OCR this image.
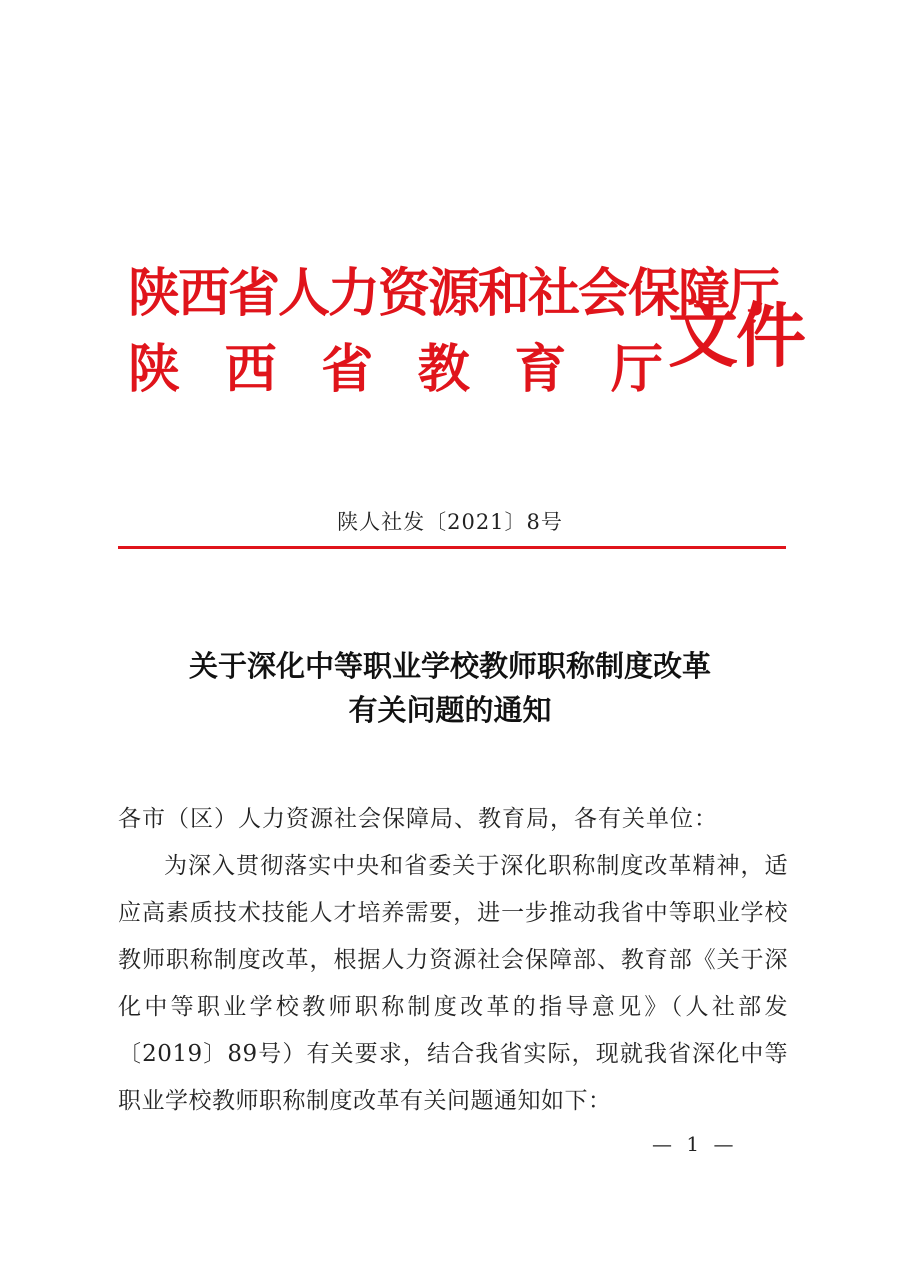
陕西省人力资源和社会保障厅
陕 西 省 教 育 厅 文件
陕人社发〔2021〕8号
关于深化中等职业学校教师职称制度改革
有关问题的通知
各市（区）人力资源社会保障局、教育局，各有关单位：
为深入贯彻落实中央和省委关于深化职称制度改革精神，适应高素质技术技能人才培养需要，进一步推动我省中等职业学校教师职称制度改革，根据人力资源社会保障部、教育部《关于深化中等职业学校教师职称制度改革的指导意见》（人社部发〔2019〕89号）有关要求，结合我省实际，现就我省深化中等职业学校教师职称制度改革有关问题通知如下：
— 1 —
